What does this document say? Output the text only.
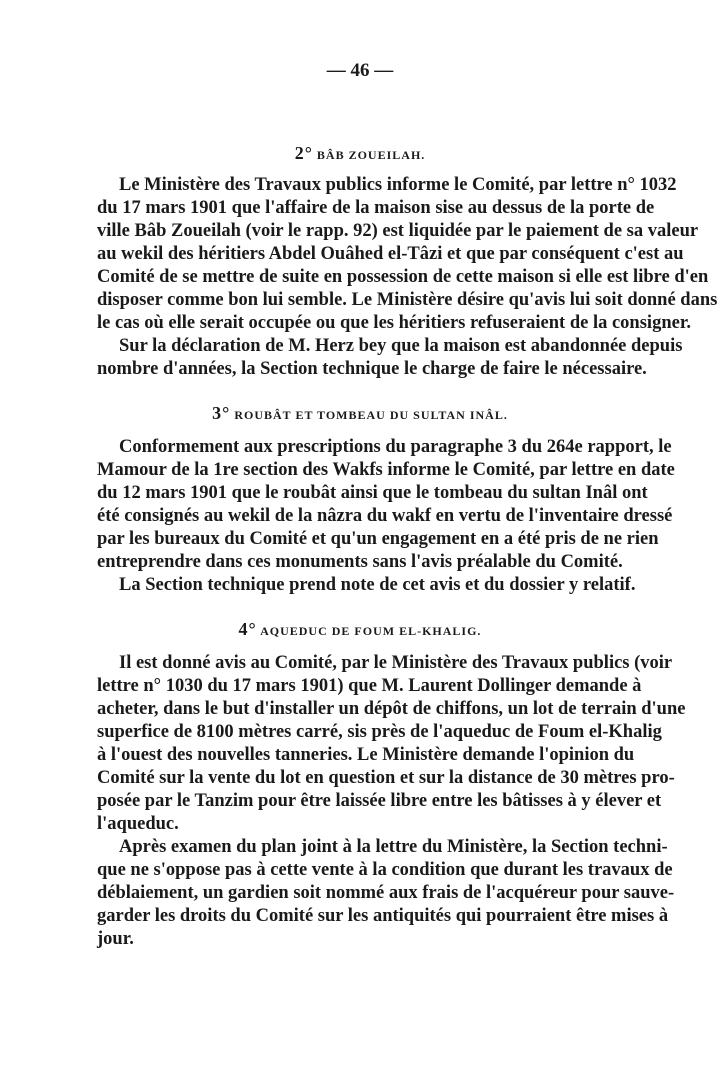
— 46 —
2° BÂB ZOUEILAH.
Le Ministère des Travaux publics informe le Comité, par lettre n° 1032
du 17 mars 1901 que l'affaire de la maison sise au dessus de la porte de
ville Bâb Zoueilah (voir le rapp. 92) est liquidée par le paiement de sa valeur
au wekil des héritiers Abdel Ouâhed el-Tâzi et que par conséquent c'est au
Comité de se mettre de suite en possession de cette maison si elle est libre d'en
disposer comme bon lui semble. Le Ministère désire qu'avis lui soit donné dans
le cas où elle serait occupée ou que les héritiers refuseraient de la consigner.
Sur la déclaration de M. Herz bey que la maison est abandonnée depuis
nombre d'années, la Section technique le charge de faire le nécessaire.
3° ROUBÂT ET TOMBEAU DU SULTAN INÂL.
Conformement aux prescriptions du paragraphe 3 du 264e rapport, le
Mamour de la 1re section des Wakfs informe le Comité, par lettre en date
du 12 mars 1901 que le roubât ainsi que le tombeau du sultan Inâl ont
été consignés au wekil de la nâzra du wakf en vertu de l'inventaire dressé
par les bureaux du Comité et qu'un engagement en a été pris de ne rien
entreprendre dans ces monuments sans l'avis préalable du Comité.
La Section technique prend note de cet avis et du dossier y relatif.
4° AQUEDUC DE FOUM EL-KHALIG.
Il est donné avis au Comité, par le Ministère des Travaux publics (voir
lettre n° 1030 du 17 mars 1901) que M. Laurent Dollinger demande à
acheter, dans le but d'installer un dépôt de chiffons, un lot de terrain d'une
superfice de 8100 mètres carré, sis près de l'aqueduc de Foum el-Khalig
à l'ouest des nouvelles tanneries. Le Ministère demande l'opinion du
Comité sur la vente du lot en question et sur la distance de 30 mètres pro-
posée par le Tanzim pour être laissée libre entre les bâtisses à y élever et
l'aqueduc.
Après examen du plan joint à la lettre du Ministère, la Section techni-
que ne s'oppose pas à cette vente à la condition que durant les travaux de
déblaiement, un gardien soit nommé aux frais de l'acquéreur pour sauve-
garder les droits du Comité sur les antiquités qui pourraient être mises à
jour.
